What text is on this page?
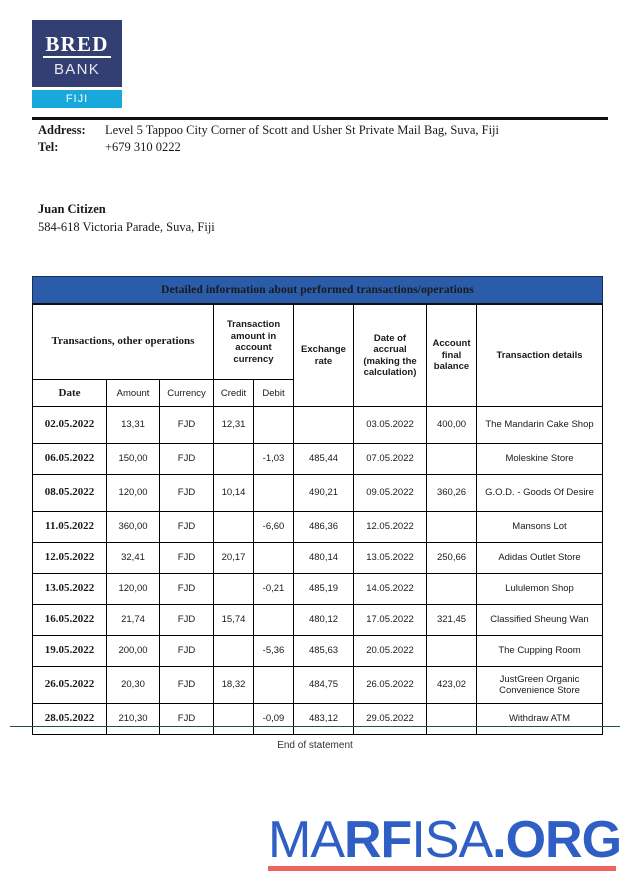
BRED
BANK
FIJI
Address:	Level 5 Tappoo City Corner of Scott and Usher St Private Mail Bag, Suva, Fiji
Tel:	+679 310 0222
Juan Citizen
584-618 Victoria Parade, Suva, Fiji
Detailed information about performed transactions/operations								
Transactions, other operations			Transaction amount in account currency		Exchange rate	Date of accrual (making the calculation)	Account final balance	Transaction details
Date	Amount	Currency	Credit	Debit				
02.05.2022	13,31	FJD	12,31			03.05.2022	400,00	The Mandarin Cake Shop
06.05.2022	150,00	FJD		-1,03	485,44	07.05.2022		Moleskine Store
08.05.2022	120,00	FJD	10,14		490,21	09.05.2022	360,26	G.O.D. - Goods Of Desire
11.05.2022	360,00	FJD		-6,60	486,36	12.05.2022		Mansons Lot
12.05.2022	32,41	FJD	20,17		480,14	13.05.2022	250,66	Adidas Outlet Store
13.05.2022	120,00	FJD		-0,21	485,19	14.05.2022		Lululemon Shop
16.05.2022	21,74	FJD	15,74		480,12	17.05.2022	321,45	Classified Sheung Wan
19.05.2022	200,00	FJD		-5,36	485,63	20.05.2022		The Cupping Room
26.05.2022	20,30	FJD	18,32		484,75	26.05.2022	423,02	JustGreen Organic Convenience Store
28.05.2022	210,30	FJD		-0,09	483,12	29.05.2022		Withdraw ATM
End of statement
MARFISA.ORG
